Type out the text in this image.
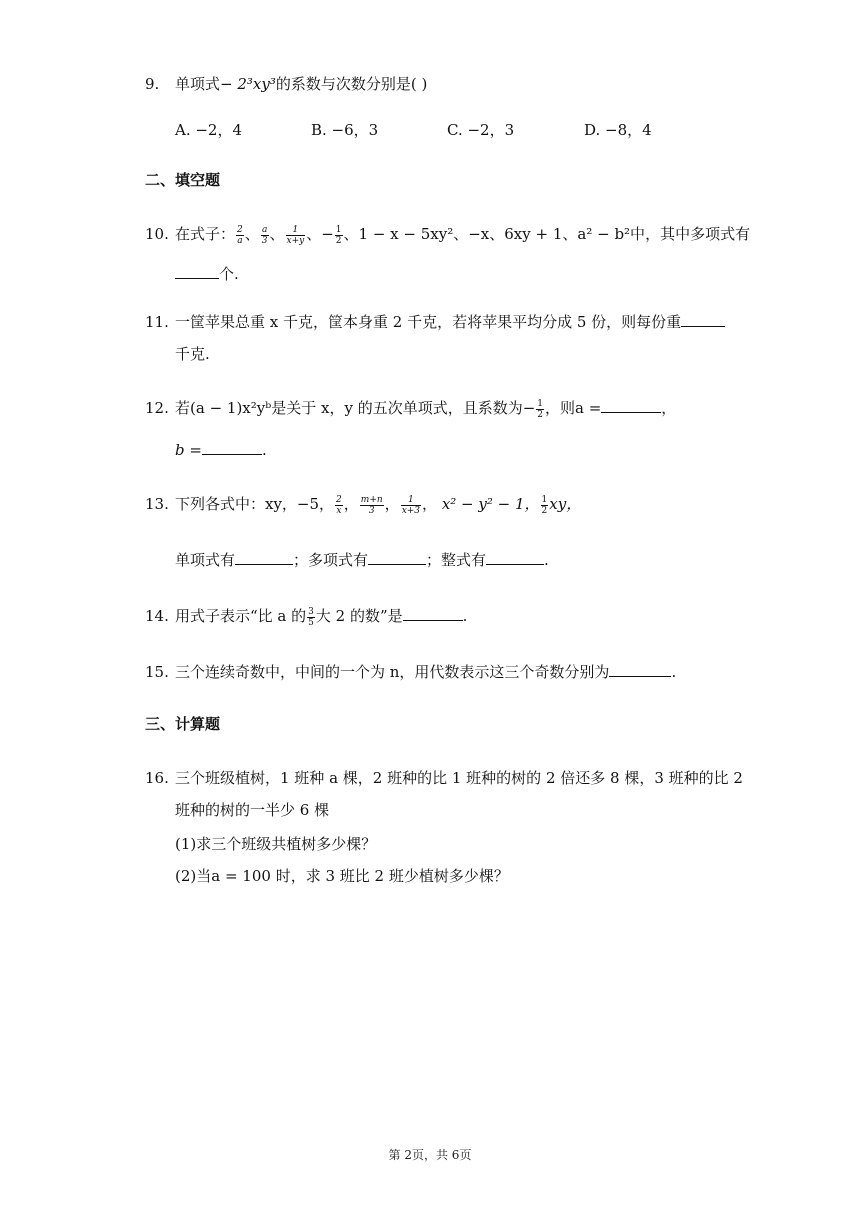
9. 单项式− 2³xy³的系数与次数分别是( )
A. −2，4	B. −6，3	C. −2，3	D. −8，4
二、填空题
10. 在式子： $\frac{2}{a}$ 、 $\frac{a}{3}$ 、 $\frac{1}{x+y}$ 、− $\frac{1}{2}$ 、1 − x − 5xy²、−x、6xy + 1、a² − b²中，其中多项式有
个.
11. 一筐苹果总重 x 千克，筐本身重 2 千克，若将苹果平均分成 5 份，则每份重
千克.
12. 若(a − 1)x²yᵇ是关于 x，y 的五次单项式，且系数为− $\frac{1}{2}$ ，则a =	，
b =	.
13. 下列各式中：xy，−5， $\frac{2}{x}$ ， $\frac{m+n}{3}$ ， $\frac{1}{x+3}$ ， x² − y² − 1， $\frac{1}{2}$ xy，
单项式有	；多项式有	；整式有	.
14. 用式子表示“比 a 的 $\frac{3}{5}$ 大 2 的数”是	.
15. 三个连续奇数中，中间的一个为 n，用代数表示这三个奇数分别为	.
三、计算题
16. 三个班级植树，1 班种 a 棵，2 班种的比 1 班种的树的 2 倍还多 8 棵，3 班种的比 2
班种的树的一半少 6 棵
(1)求三个班级共植树多少棵？
(2)当a = 100 时，求 3 班比 2 班少植树多少棵？
第 2页，共 6页
